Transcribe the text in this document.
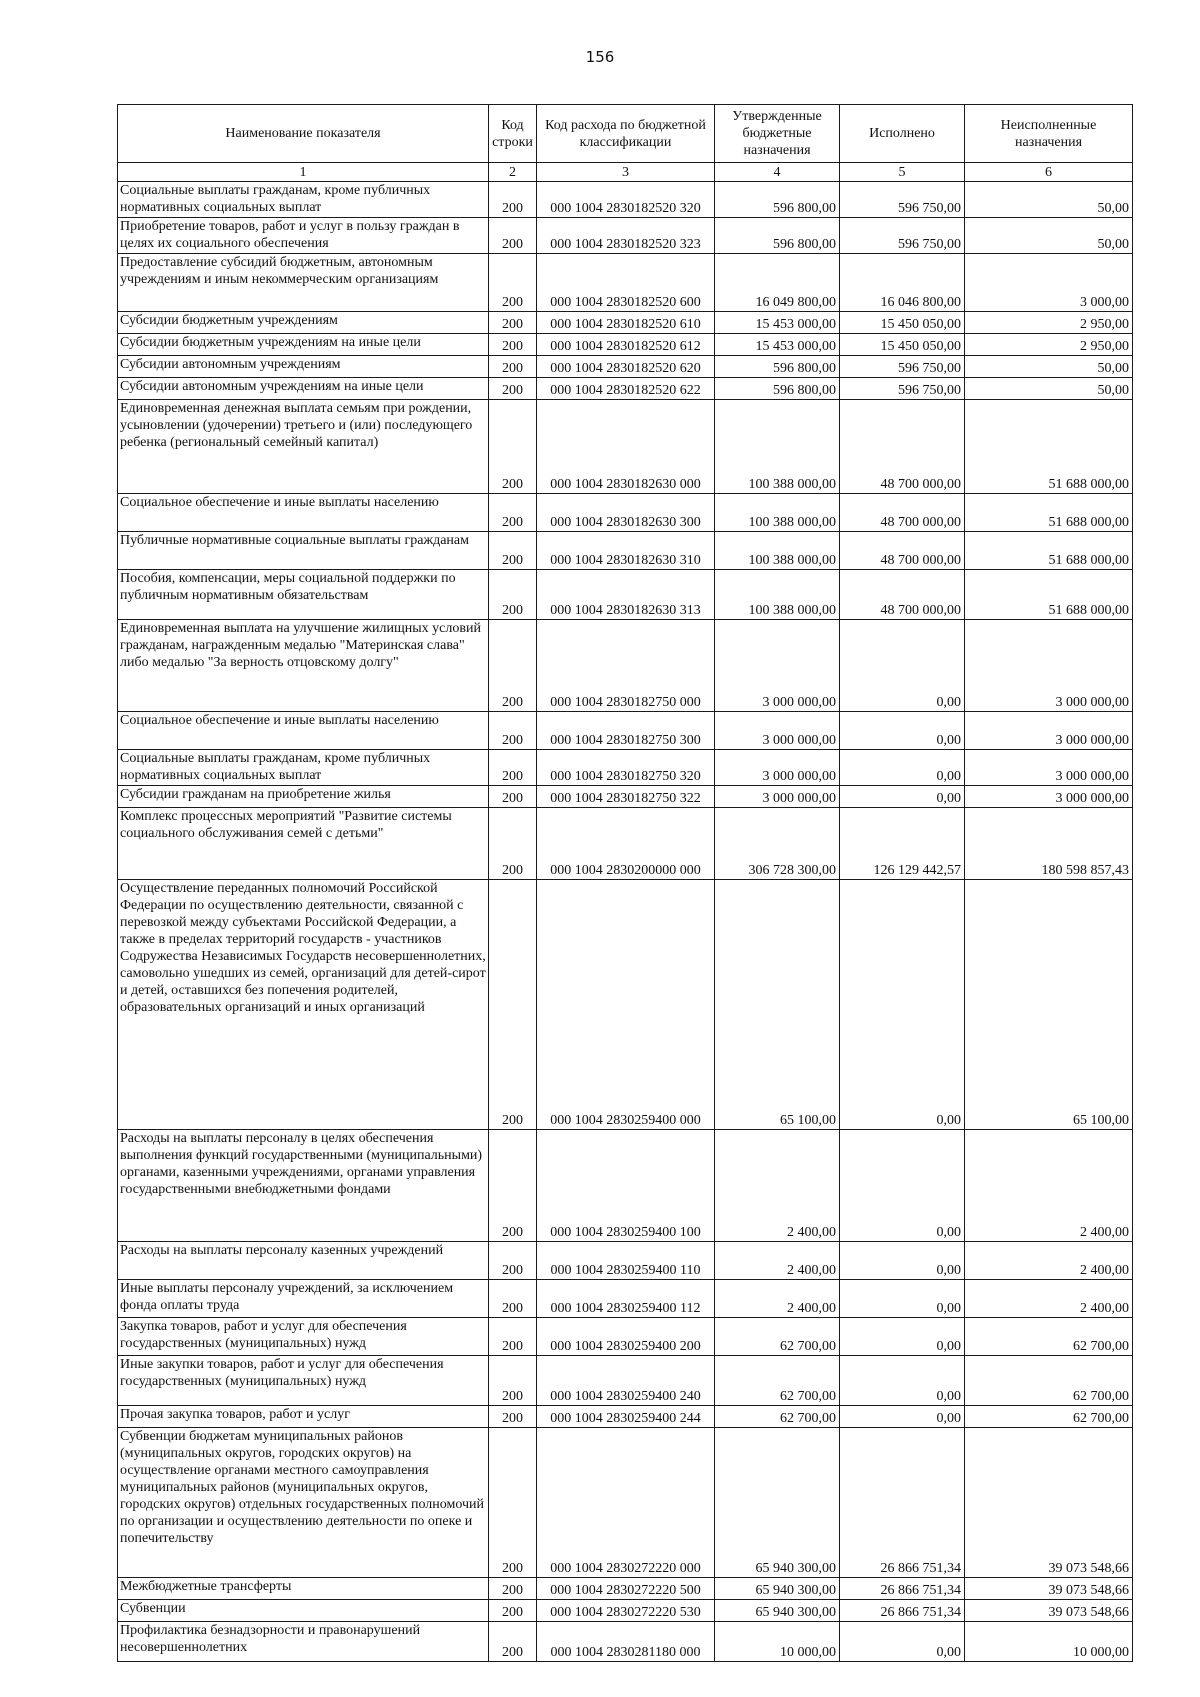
156
Наименование показателя	Код строки	Код расхода по бюджетной классификации	Утвержденные бюджетные назначения	Исполнено	Неисполненные назначения
1	2	3	4	5	6
Социальные выплаты гражданам, кроме публичных нормативных социальных выплат	200	000 1004 2830182520 320	596 800,00	596 750,00	50,00
Приобретение товаров, работ и услуг в пользу граждан в целях их социального обеспечения	200	000 1004 2830182520 323	596 800,00	596 750,00	50,00
Предоставление субсидий бюджетным, автономным учреждениям и иным некоммерческим организациям	200	000 1004 2830182520 600	16 049 800,00	16 046 800,00	3 000,00
Субсидии бюджетным учреждениям	200	000 1004 2830182520 610	15 453 000,00	15 450 050,00	2 950,00
Субсидии бюджетным учреждениям на иные цели	200	000 1004 2830182520 612	15 453 000,00	15 450 050,00	2 950,00
Субсидии автономным учреждениям	200	000 1004 2830182520 620	596 800,00	596 750,00	50,00
Субсидии автономным учреждениям на иные цели	200	000 1004 2830182520 622	596 800,00	596 750,00	50,00
Единовременная денежная выплата семьям при рождении, усыновлении (удочерении) третьего и (или) последующего ребенка (региональный семейный капитал)	200	000 1004 2830182630 000	100 388 000,00	48 700 000,00	51 688 000,00
Социальное обеспечение и иные выплаты населению	200	000 1004 2830182630 300	100 388 000,00	48 700 000,00	51 688 000,00
Публичные нормативные социальные выплаты гражданам	200	000 1004 2830182630 310	100 388 000,00	48 700 000,00	51 688 000,00
Пособия, компенсации, меры социальной поддержки по публичным нормативным обязательствам	200	000 1004 2830182630 313	100 388 000,00	48 700 000,00	51 688 000,00
Единовременная выплата на улучшение жилищных условий гражданам, награжденным медалью "Материнская слава" либо медалью "За верность отцовскому долгу"	200	000 1004 2830182750 000	3 000 000,00	0,00	3 000 000,00
Социальное обеспечение и иные выплаты населению	200	000 1004 2830182750 300	3 000 000,00	0,00	3 000 000,00
Социальные выплаты гражданам, кроме публичных нормативных социальных выплат	200	000 1004 2830182750 320	3 000 000,00	0,00	3 000 000,00
Субсидии гражданам на приобретение жилья	200	000 1004 2830182750 322	3 000 000,00	0,00	3 000 000,00
Комплекс процессных мероприятий "Развитие системы социального обслуживания семей с детьми"	200	000 1004 2830200000 000	306 728 300,00	126 129 442,57	180 598 857,43
Осуществление переданных полномочий Российской Федерации по осуществлению деятельности, связанной с перевозкой между субъектами Российской Федерации, а также в пределах территорий государств - участников Содружества Независимых Государств несовершеннолетних, самовольно ушедших из семей, организаций для детей-сирот и детей, оставшихся без попечения родителей, образовательных организаций и иных организаций	200	000 1004 2830259400 000	65 100,00	0,00	65 100,00
Расходы на выплаты персоналу в целях обеспечения выполнения функций государственными (муниципальными) органами, казенными учреждениями, органами управления государственными внебюджетными фондами	200	000 1004 2830259400 100	2 400,00	0,00	2 400,00
Расходы на выплаты персоналу казенных учреждений	200	000 1004 2830259400 110	2 400,00	0,00	2 400,00
Иные выплаты персоналу учреждений, за исключением фонда оплаты труда	200	000 1004 2830259400 112	2 400,00	0,00	2 400,00
Закупка товаров, работ и услуг для обеспечения государственных (муниципальных) нужд	200	000 1004 2830259400 200	62 700,00	0,00	62 700,00
Иные закупки товаров, работ и услуг для обеспечения государственных (муниципальных) нужд	200	000 1004 2830259400 240	62 700,00	0,00	62 700,00
Прочая закупка товаров, работ и услуг	200	000 1004 2830259400 244	62 700,00	0,00	62 700,00
Субвенции бюджетам муниципальных районов (муниципальных округов, городских округов) на осуществление органами местного самоуправления муниципальных районов (муниципальных округов, городских округов) отдельных государственных полномочий по организации и осуществлению деятельности по опеке и попечительству	200	000 1004 2830272220 000	65 940 300,00	26 866 751,34	39 073 548,66
Межбюджетные трансферты	200	000 1004 2830272220 500	65 940 300,00	26 866 751,34	39 073 548,66
Субвенции	200	000 1004 2830272220 530	65 940 300,00	26 866 751,34	39 073 548,66
Профилактика безнадзорности и правонарушений несовершеннолетних	200	000 1004 2830281180 000	10 000,00	0,00	10 000,00
